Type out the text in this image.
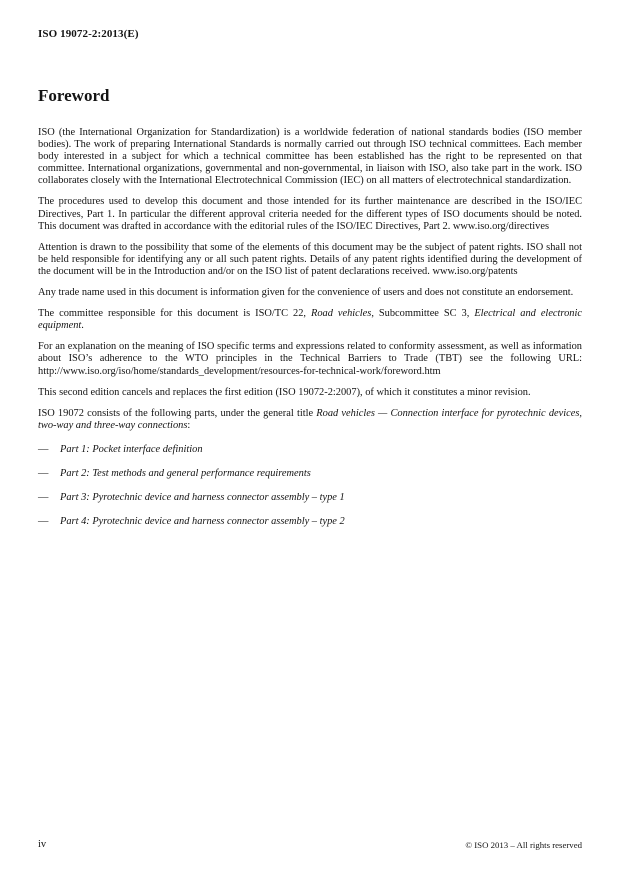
ISO 19072-2:2013(E)
Foreword

ISO (the International Organization for Standardization) is a worldwide federation of national standards bodies (ISO member bodies). The work of preparing International Standards is normally carried out through ISO technical committees. Each member body interested in a subject for which a technical committee has been established has the right to be represented on that committee. International organizations, governmental and non-governmental, in liaison with ISO, also take part in the work. ISO collaborates closely with the International Electrotechnical Commission (IEC) on all matters of electrotechnical standardization.

The procedures used to develop this document and those intended for its further maintenance are described in the ISO/IEC Directives, Part 1. In particular the different approval criteria needed for the different types of ISO documents should be noted. This document was drafted in accordance with the editorial rules of the ISO/IEC Directives, Part 2. www.iso.org/directives

Attention is drawn to the possibility that some of the elements of this document may be the subject of patent rights. ISO shall not be held responsible for identifying any or all such patent rights. Details of any patent rights identified during the development of the document will be in the Introduction and/or on the ISO list of patent declarations received. www.iso.org/patents

Any trade name used in this document is information given for the convenience of users and does not constitute an endorsement.

The committee responsible for this document is ISO/TC 22, Road vehicles, Subcommittee SC 3, Electrical and electronic equipment.

For an explanation on the meaning of ISO specific terms and expressions related to conformity assessment, as well as information about ISO’s adherence to the WTO principles in the Technical Barriers to Trade (TBT) see the following URL: http://www.iso.org/iso/home/standards_development/resources-for-technical-work/foreword.htm

This second edition cancels and replaces the first edition (ISO 19072-2:2007), of which it constitutes a minor revision.

ISO 19072 consists of the following parts, under the general title Road vehicles — Connection interface for pyrotechnic devices, two-way and three-way connections:

—	Part 1: Pocket interface definition
—	Part 2: Test methods and general performance requirements
—	Part 3: Pyrotechnic device and harness connector assembly – type 1
—	Part 4: Pyrotechnic device and harness connector assembly – type 2
iv	© ISO 2013 – All rights reserved
